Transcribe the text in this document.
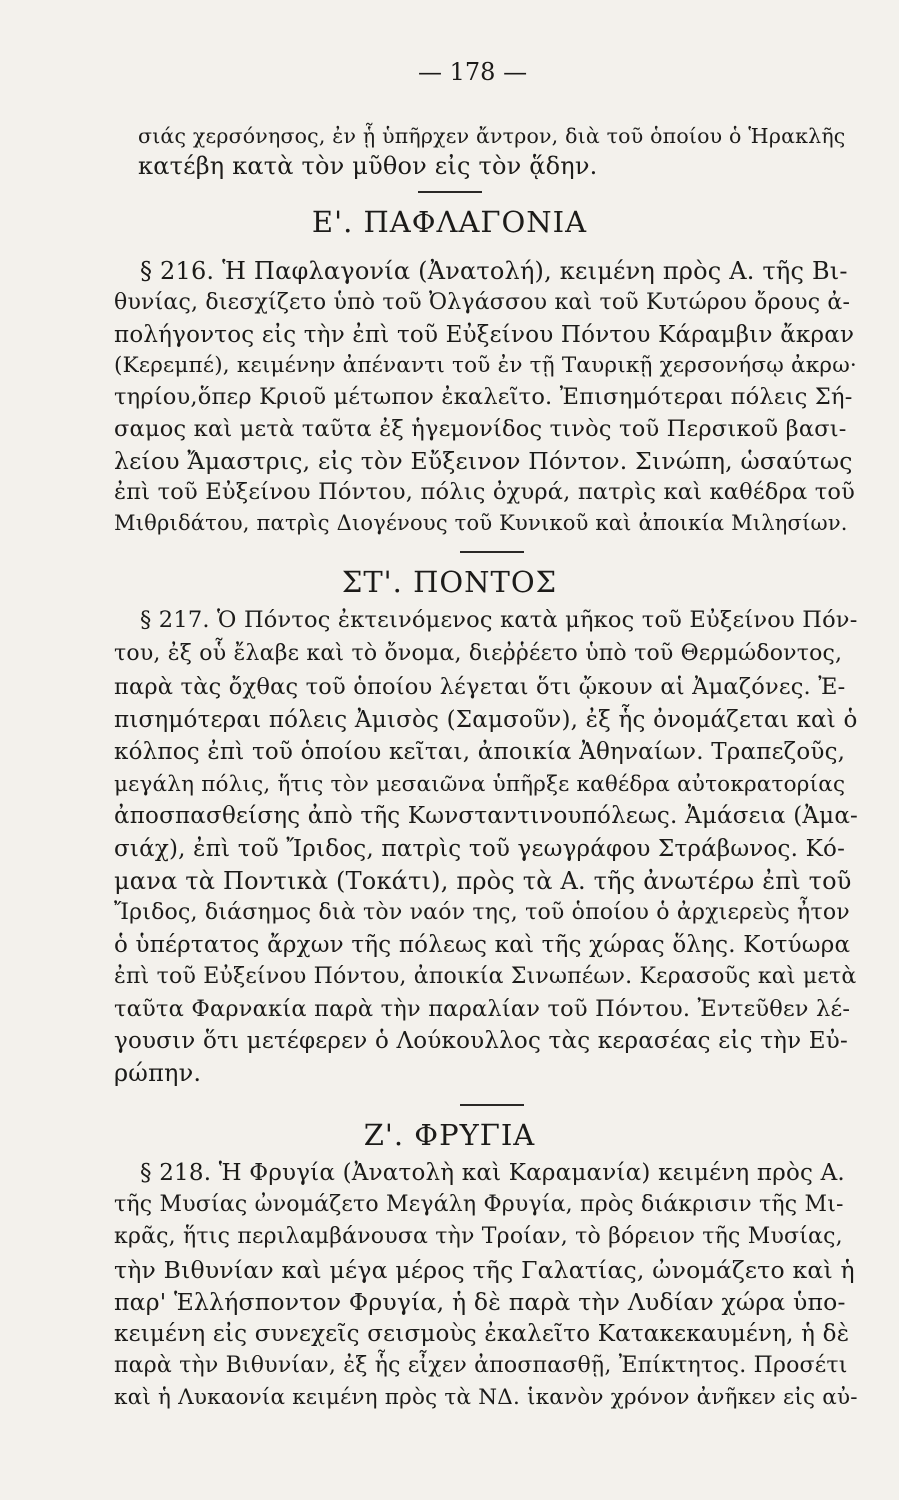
— 178 —
σιάς χερσόνησος, ἐν ᾗ ὑπῆρχεν ἄντρον, διὰ τοῦ ὁποίου ὁ Ἡρακλῆς
κατέβη κατὰ τὸν μῦθον εἰς τὸν ᾅδην.
Ε'. ΠΑΦΛΑΓΟΝΙΑ
§ 216. Ἡ Παφλαγονία (Ἀνατολή), κειμένη πρὸς Α. τῆς Βι-
θυνίας, διεσχίζετο ὑπὸ τοῦ Ὀλγάσσου καὶ τοῦ Κυτώρου ὄρους ἀ-
πολήγοντος εἰς τὴν ἐπὶ τοῦ Εὐξείνου Πόντου Κάραμβιν ἄκραν
(Κερεμπέ), κειμένην ἀπέναντι τοῦ ἐν τῇ Ταυρικῇ χερσονήσῳ ἀκρω·
τηρίου,ὅπερ Κριοῦ μέτωπον ἐκαλεῖτο. Ἐπισημότεραι πόλεις Σή-
σαμος καὶ μετὰ ταῦτα ἐξ ἡγεμονίδος τινὸς τοῦ Περσικοῦ βασι-
λείου Ἄμαστρις, εἰς τὸν Εὔξεινον Πόντον. Σινώπη, ὡσαύτως
ἐπὶ τοῦ Εὐξείνου Πόντου, πόλις ὀχυρά, πατρὶς καὶ καθέδρα τοῦ
Μιθριδάτου, πατρὶς Διογένους τοῦ Κυνικοῦ καὶ ἀποικία Μιλησίων.
ΣΤ'. ΠΟΝΤΟΣ
§ 217. Ὁ Πόντος ἐκτεινόμενος κατὰ μῆκος τοῦ Εὐξείνου Πόν-
του, ἐξ οὗ ἔλαβε καὶ τὸ ὄνομα, διεῤῥέετο ὑπὸ τοῦ Θερμώδοντος,
παρὰ τὰς ὄχθας τοῦ ὁποίου λέγεται ὅτι ᾤκουν αἱ Ἀμαζόνες. Ἐ-
πισημότεραι πόλεις Ἀμισὸς (Σαμσοῦν), ἐξ ἧς ὀνομάζεται καὶ ὁ
κόλπος ἐπὶ τοῦ ὁποίου κεῖται, ἀποικία Ἀθηναίων. Τραπεζοῦς,
μεγάλη πόλις, ἥτις τὸν μεσαιῶνα ὑπῆρξε καθέδρα αὐτοκρατορίας
ἀποσπασθείσης ἀπὸ τῆς Κωνσταντινουπόλεως. Ἀμάσεια (Ἀμα-
σιάχ), ἐπὶ τοῦ Ἴριδος, πατρὶς τοῦ γεωγράφου Στράβωνος. Κό-
μανα τὰ Ποντικὰ (Τοκάτι), πρὸς τὰ Α. τῆς ἀνωτέρω ἐπὶ τοῦ
Ἴριδος, διάσημος διὰ τὸν ναόν της, τοῦ ὁποίου ὁ ἀρχιερεὺς ἦτον
ὁ ὑπέρτατος ἄρχων τῆς πόλεως καὶ τῆς χώρας ὅλης. Κοτύωρα
ἐπὶ τοῦ Εὐξείνου Πόντου, ἀποικία Σινωπέων. Κερασοῦς καὶ μετὰ
ταῦτα Φαρνακία παρὰ τὴν παραλίαν τοῦ Πόντου. Ἐντεῦθεν λέ-
γουσιν ὅτι μετέφερεν ὁ Λούκουλλος τὰς κερασέας εἰς τὴν Εὐ-
ρώπην.
Ζ'. ΦΡΥΓΙΑ
§ 218. Ἡ Φρυγία (Ἀνατολὴ καὶ Καραμανία) κειμένη πρὸς Α.
τῆς Μυσίας ὠνομάζετο Μεγάλη Φρυγία, πρὸς διάκρισιν τῆς Μι-
κρᾶς, ἥτις περιλαμβάνουσα τὴν Τροίαν, τὸ βόρειον τῆς Μυσίας,
τὴν Βιθυνίαν καὶ μέγα μέρος τῆς Γαλατίας, ὠνομάζετο καὶ ἡ
παρ' Ἑλλήσποντον Φρυγία, ἡ δὲ παρὰ τὴν Λυδίαν χώρα ὑπο-
κειμένη εἰς συνεχεῖς σεισμοὺς ἐκαλεῖτο Κατακεκαυμένη, ἡ δὲ
παρὰ τὴν Βιθυνίαν, ἐξ ἧς εἶχεν ἀποσπασθῇ, Ἐπίκτητος. Προσέτι
καὶ ἡ Λυκαονία κειμένη πρὸς τὰ ΝΔ. ἱκανὸν χρόνον ἀνῆκεν εἰς αὐ-
